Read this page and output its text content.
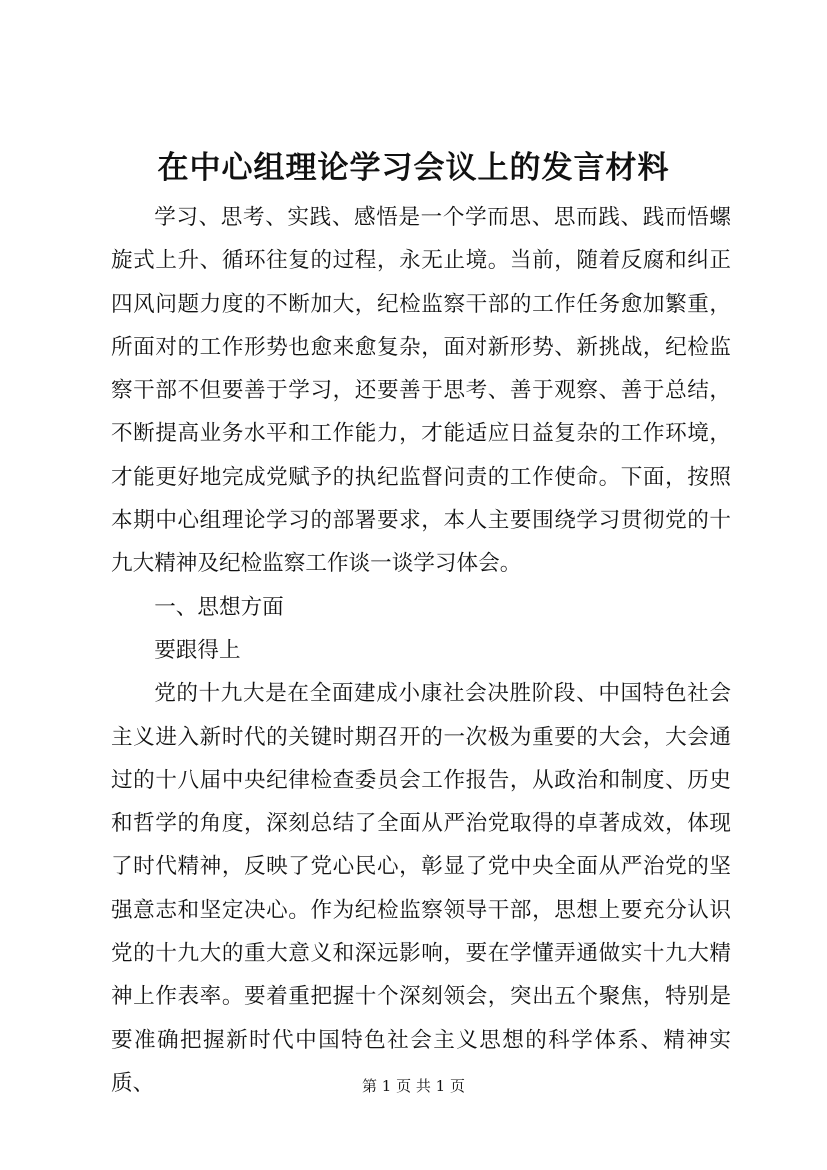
在中心组理论学习会议上的发言材料

学习、思考、实践、感悟是一个学而思、思而践、践而悟螺旋式上升、循环往复的过程，永无止境。当前，随着反腐和纠正四风问题力度的不断加大，纪检监察干部的工作任务愈加繁重，所面对的工作形势也愈来愈复杂，面对新形势、新挑战，纪检监察干部不但要善于学习，还要善于思考、善于观察、善于总结，不断提高业务水平和工作能力，才能适应日益复杂的工作环境，才能更好地完成党赋予的执纪监督问责的工作使命。下面，按照本期中心组理论学习的部署要求，本人主要围绕学习贯彻党的十九大精神及纪检监察工作谈一谈学习体会。

一、思想方面

要跟得上

党的十九大是在全面建成小康社会决胜阶段、中国特色社会主义进入新时代的关键时期召开的一次极为重要的大会，大会通过的十八届中央纪律检查委员会工作报告，从政治和制度、历史和哲学的角度，深刻总结了全面从严治党取得的卓著成效，体现了时代精神，反映了党心民心，彰显了党中央全面从严治党的坚强意志和坚定决心。作为纪检监察领导干部，思想上要充分认识党的十九大的重大意义和深远影响，要在学懂弄通做实十九大精神上作表率。要着重把握十个深刻领会，突出五个聚焦，特别是要准确把握新时代中国特色社会主义思想的科学体系、精神实质、	第 1 页 共 1 页
